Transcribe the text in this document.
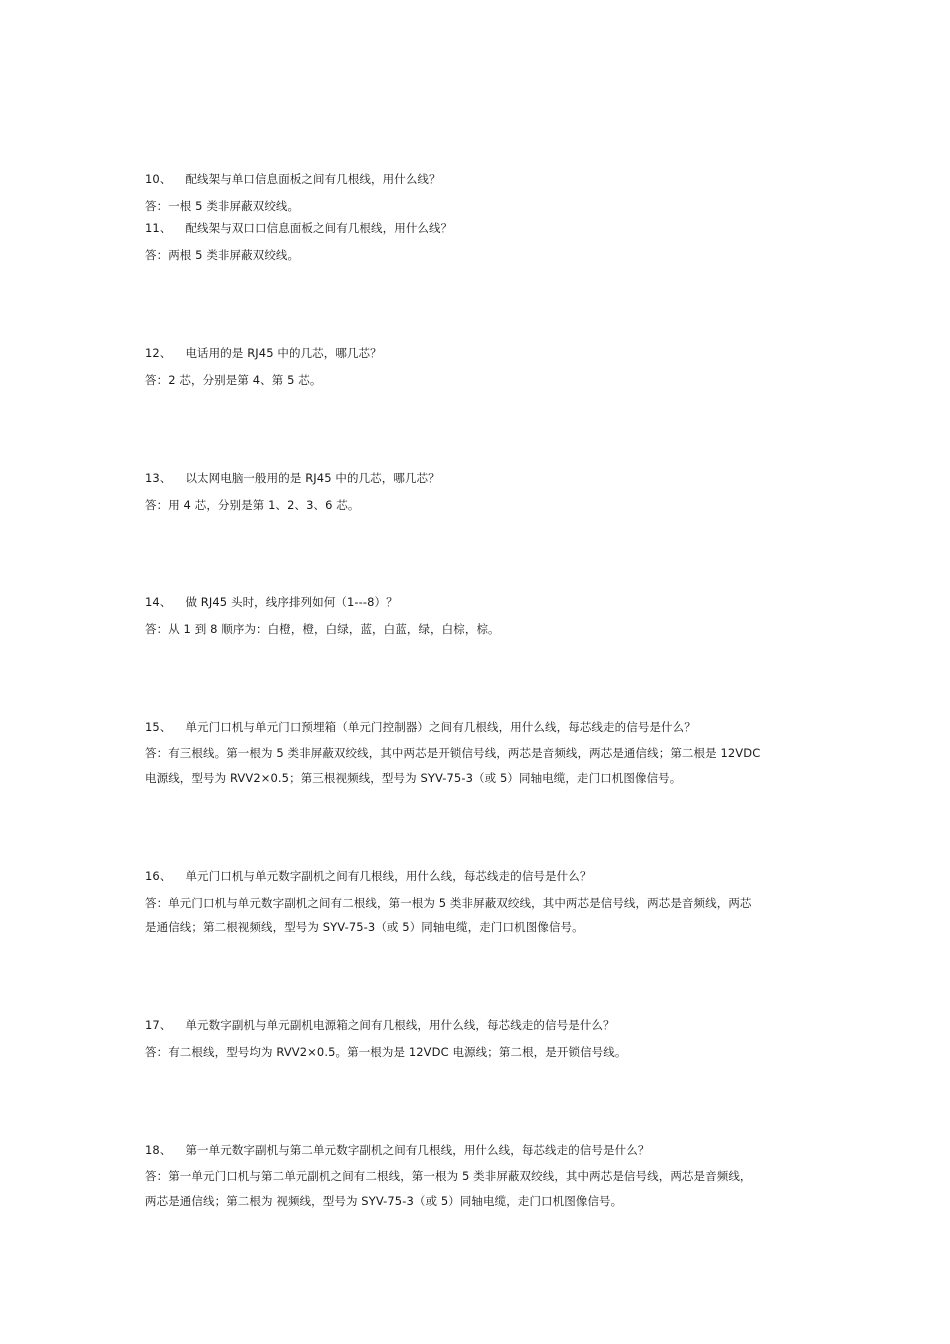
10、 配线架与单口信息面板之间有几根线，用什么线？
答：一根 5 类非屏蔽双绞线。
11、 配线架与双口口信息面板之间有几根线，用什么线？
答：两根 5 类非屏蔽双绞线。
12、 电话用的是 RJ45 中的几芯，哪几芯？
答：2 芯，分别是第 4、第 5 芯。
13、 以太网电脑一般用的是 RJ45 中的几芯，哪几芯？
答：用 4 芯，分别是第 1、2、3、6 芯。
14、 做 RJ45 头时，线序排列如何（1---8）？
答：从 1 到 8 顺序为：白橙，橙，白绿，蓝，白蓝，绿，白棕，棕。
15、 单元门口机与单元门口预埋箱（单元门控制器）之间有几根线，用什么线，每芯线走的信号是什么？
答：有三根线。第一根为 5 类非屏蔽双绞线，其中两芯是开锁信号线，两芯是音频线，两芯是通信线；第二根是 12VDC
电源线，型号为 RVV2×0.5；第三根视频线，型号为 SYV-75-3（或 5）同轴电缆，走门口机图像信号。
16、 单元门口机与单元数字副机之间有几根线，用什么线，每芯线走的信号是什么？
答：单元门口机与单元数字副机之间有二根线，第一根为 5 类非屏蔽双绞线，其中两芯是信号线，两芯是音频线，两芯
是通信线；第二根视频线，型号为 SYV-75-3（或 5）同轴电缆，走门口机图像信号。
17、 单元数字副机与单元副机电源箱之间有几根线，用什么线，每芯线走的信号是什么？
答：有二根线，型号均为 RVV2×0.5。第一根为是 12VDC 电源线；第二根，是开锁信号线。
18、 第一单元数字副机与第二单元数字副机之间有几根线，用什么线，每芯线走的信号是什么？
答：第一单元门口机与第二单元副机之间有二根线，第一根为 5 类非屏蔽双绞线，其中两芯是信号线，两芯是音频线，
两芯是通信线；第二根为 视频线，型号为 SYV-75-3（或 5）同轴电缆，走门口机图像信号。
